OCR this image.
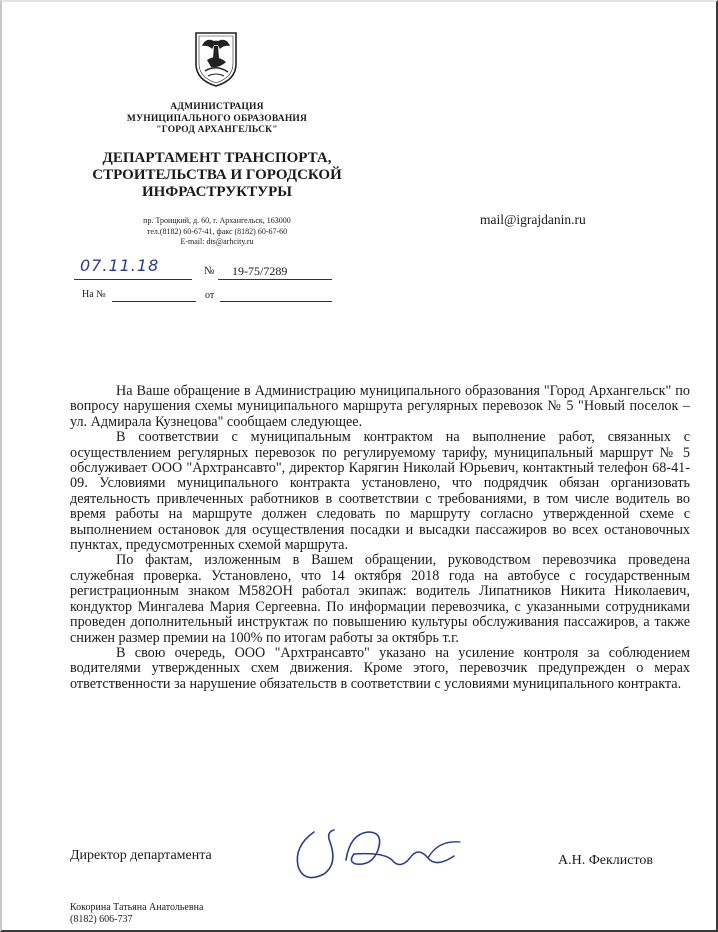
АДМИНИСТРАЦИЯ
МУНИЦИПАЛЬНОГО ОБРАЗОВАНИЯ
"ГОРОД АРХАНГЕЛЬСК"
ДЕПАРТАМЕНТ ТРАНСПОРТА,
СТРОИТЕЛЬСТВА И ГОРОДСКОЙ
ИНФРАСТРУКТУРЫ
пр. Троицкий, д. 60, г. Архангельск, 163000
тел.(8182) 60-67-41, факс (8182) 60-67-60
E-mail: dts@arhcity.ru
mail@igrajdanin.ru
07.11.18	№ 19-75/7289
На №	от

На Ваше обращение в Администрацию муниципального образования "Город Архангельск" по вопросу нарушения схемы муниципального маршрута регулярных перевозок № 5 "Новый поселок – ул. Адмирала Кузнецова" сообщаем следующее.

В соответствии с муниципальным контрактом на выполнение работ, связанных с осуществлением регулярных перевозок по регулируемому тарифу, муниципальный маршрут № 5 обслуживает ООО "Архтрансавто", директор Карягин Николай Юрьевич, контактный телефон 68-41-09. Условиями муниципального контракта установлено, что подрядчик обязан организовать деятельность привлеченных работников в соответствии с требованиями, в том числе водитель во время работы на маршруте должен следовать по маршруту согласно утвержденной схеме с выполнением остановок для осуществления посадки и высадки пассажиров во всех остановочных пунктах, предусмотренных схемой маршрута.

По фактам, изложенным в Вашем обращении, руководством перевозчика проведена служебная проверка. Установлено, что 14 октября 2018 года на автобусе с государственным регистрационным знаком М582ОН работал экипаж: водитель Липатников Никита Николаевич, кондуктор Мингалева Мария Сергеевна. По информации перевозчика, с указанными сотрудниками проведен дополнительный инструктаж по повышению культуры обслуживания пассажиров, а также снижен размер премии на 100% по итогам работы за октябрь т.г.

В свою очередь, ООО "Архтрансавто" указано на усиление контроля за соблюдением водителями утвержденных схем движения. Кроме этого, перевозчик предупрежден о мерах ответственности за нарушение обязательств в соответствии с условиями муниципального контракта.

Директор департамента	А.Н. Феклистов
Кокорина Татьяна Анатольевна
(8182) 606-737
